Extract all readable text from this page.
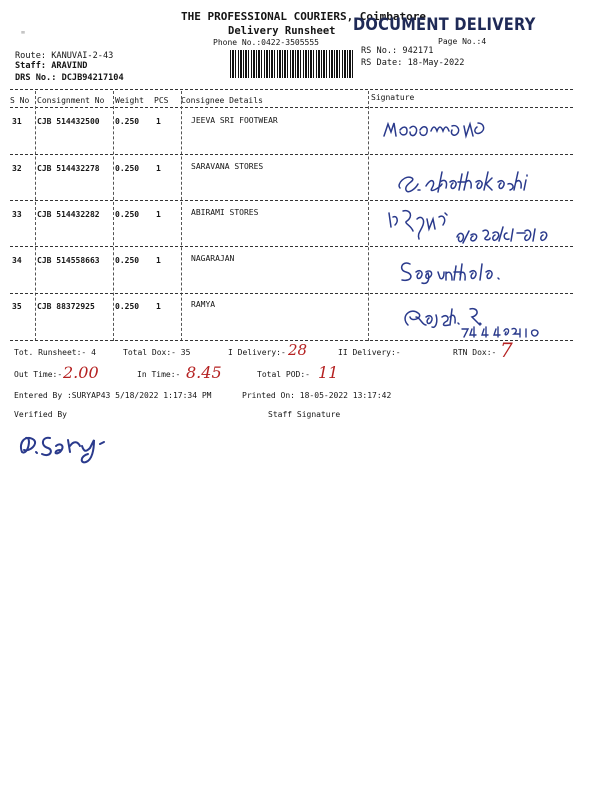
"
THE PROFESSIONAL COURIERS, Coimbatore
Delivery Runsheet DOCUMENT DELIVERY
Phone No.:0422-3505555	Page No.:4
Route: KANUVAI-2-43
Staff: ARAVIND
DRS No.: DCJB94217104
RS No.: 942171
RS Date: 18-May-2022
S No Consignment No Weight PCS Consignee Details	Signature
31 CJB 514432500 0.250 1	JEEVA SRI FOOTWEAR
32 CJB 514432278 0.250 1	SARAVANA STORES
33 CJB 514432282 0.250 1	ABIRAMI STORES
34 CJB 514558663 0.250 1	NAGARAJAN
35 CJB 88372925	0.250 1	RAMYA
Tot. Runsheet:- 4	Total Dox:- 35	I Delivery:- 28	II Delivery:-	RTN Dox:- 7
Out Time:- 2.00	In Time:- 8.45	Total POD:- 11
Entered By :SURYAP43 5/18/2022 1:17:34 PM	Printed On: 18-05-2022 13:17:42
Verified By	Staff Signature
